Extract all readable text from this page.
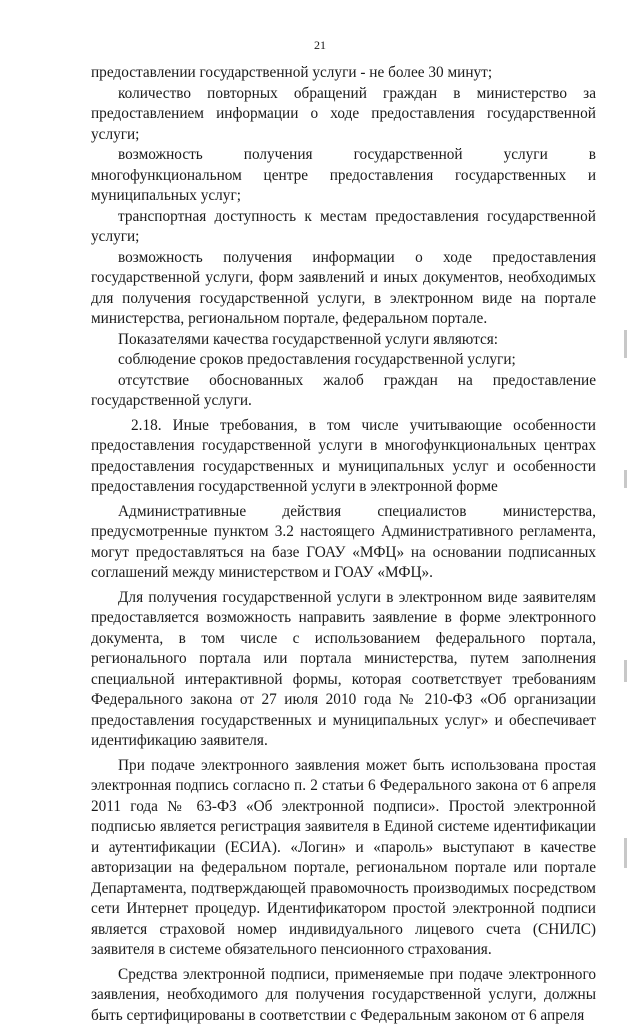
21

предоставлении государственной услуги - не более 30 минут;

количество повторных обращений граждан в министерство за предоставлением информации о ходе предоставления государственной услуги;

возможность получения государственной услуги в многофункциональном центре предоставления государственных и муниципальных услуг;

транспортная доступность к местам предоставления государственной услуги;

возможность получения информации о ходе предоставления государственной услуги, форм заявлений и иных документов, необходимых для получения государственной услуги, в электронном виде на портале министерства, региональном портале, федеральном портале.

Показателями качества государственной услуги являются:

соблюдение сроков предоставления государственной услуги;

отсутствие обоснованных жалоб граждан на предоставление государственной услуги.

2.18. Иные требования, в том числе учитывающие особенности предоставления государственной услуги в многофункциональных центрах предоставления государственных и муниципальных услуг и особенности предоставления государственной услуги в электронной форме

Административные действия специалистов министерства, предусмотренные пунктом 3.2 настоящего Административного регламента, могут предоставляться на базе ГОАУ «МФЦ» на основании подписанных соглашений между министерством и ГОАУ «МФЦ».

Для получения государственной услуги в электронном виде заявителям предоставляется возможность направить заявление в форме электронного документа, в том числе с использованием федерального портала, регионального портала или портала министерства, путем заполнения специальной интерактивной формы, которая соответствует требованиям Федерального закона от 27 июля 2010 года № 210-ФЗ «Об организации предоставления государственных и муниципальных услуг» и обеспечивает идентификацию заявителя.

При подаче электронного заявления может быть использована простая электронная подпись согласно п. 2 статьи 6 Федерального закона от 6 апреля 2011 года № 63-ФЗ «Об электронной подписи». Простой электронной подписью является регистрация заявителя в Единой системе идентификации и аутентификации (ЕСИА). «Логин» и «пароль» выступают в качестве авторизации на федеральном портале, региональном портале или портале Департамента, подтверждающей правомочность производимых посредством сети Интернет процедур. Идентификатором простой электронной подписи является страховой номер индивидуального лицевого счета (СНИЛС) заявителя в системе обязательного пенсионного страхования.

Средства электронной подписи, применяемые при подаче электронного заявления, необходимого для получения государственной услуги, должны быть сертифицированы в соответствии с Федеральным законом от 6 апреля
